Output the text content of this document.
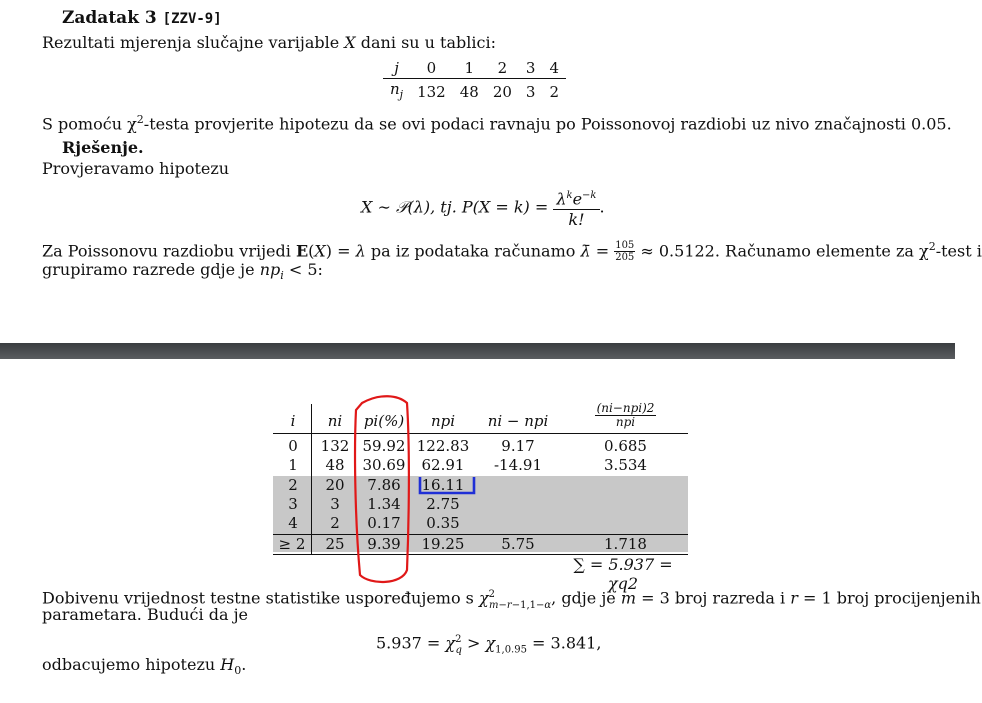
Zadatak 3 [ZZV-9]
Rezultati mjerenja slučajne varijable X dani su u tablici:
j	0	1	2	3	4
$n_j$	132	48	20	3	2
S pomoću $\chi^2$-testa provjerite hipotezu da se ovi podaci ravnaju po Poissonovoj razdiobi uz nivo značajnosti 0.05.
Rješenje.
Provjeravamo hipotezu
X ∼ 𝒫(λ), tj. $P(X = k) = \frac{\lambda^ke^{-k}}{k!}$ .
Za Poissonovu razdiobu vrijedi E(X) = λ pa iz podataka računamo λ̄ = $\frac{105}{205} \approx 0.5122$. Računamo elemente za $\chi^2$-test i
grupiramo razrede gdje je $np_i < 5$:
i	ni	pi(%)	npi	ni − npi	$\frac{\text{(ni−npi)2}}{\text{npi}}$
0	132 59.92 122.83	9.17	0.685
1	48	30.69	62.91	-14.91	3.534
2	20	7.86	16.11
3	3	1.34	2.75
4	2	0.17	0.35
≥ 2	25	9.39	19.25	5.75	1.718
∑ = 5.937 = χq2
Dobivenu vrijednost testne statistike uspoređujemo s $\chi^2_{m-r-1,1-\alpha}$, gdje je m = 3 broj razreda i r = 1 broj procijenjenih
parametara. Budući da je
$5.937 = \chi^2_q > \chi_{1,0.95} = 3.841$,
odbacujemo hipotezu $H_0$.
